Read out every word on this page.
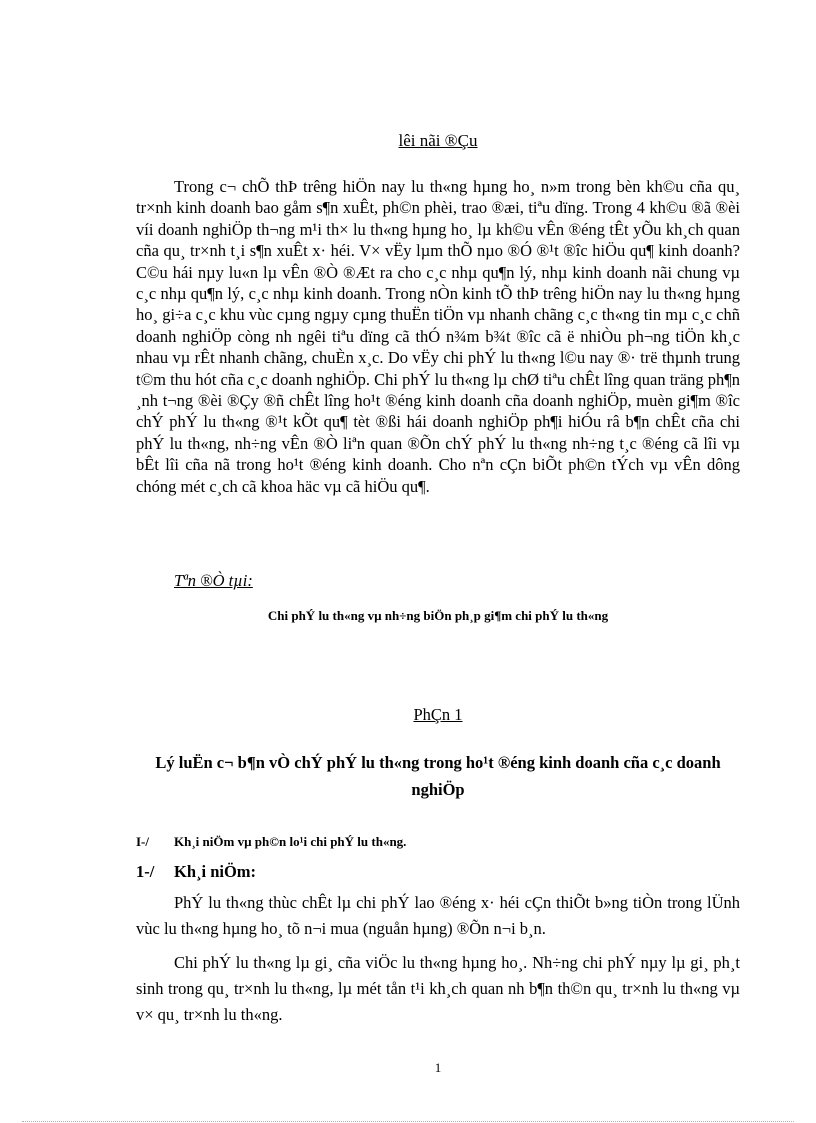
lêi nãi ®Çu

Trong c¬ chÕ thÞ trêng hiÖn nay lu th«ng hµng ho¸ n»m trong bèn kh©u cña qu¸ tr×nh kinh doanh bao gåm s¶n xuÊt, ph©n phèi, trao ®æi, tiªu dïng. Trong 4 kh©u ®ã ®èi víi doanh nghiÖp th¬ng m¹i th× lu th«ng hµng ho¸ lµ kh©u vÊn ®éng tÊt yÕu kh¸ch quan cña qu¸ tr×nh t¸i s¶n xuÊt x· héi. V× vËy lµm thÕ nµo ®Ó ®¹t ®îc hiÖu qu¶ kinh doanh? C©u hái nµy lu«n lµ vÊn ®Ò ®Æt ra cho c¸c nhµ qu¶n lý, nhµ kinh doanh nãi chung vµ c¸c nhµ qu¶n lý, c¸c nhµ kinh doanh. Trong nÒn kinh tÕ thÞ trêng hiÖn nay lu th«ng hµng ho¸ gi÷a c¸c khu vùc cµng ngµy cµng thuËn tiÖn vµ nhanh chãng c¸c th«ng tin mµ c¸c chñ doanh nghiÖp còng nh ngêi tiªu dïng cã thÓ n¾m b¾t ®îc cã ë nhiÒu ph¬ng tiÖn kh¸c nhau vµ rÊt nhanh chãng, chuÈn x¸c. Do vËy chi phÝ lu th«ng l©u nay ®· trë thµnh trung t©m thu hót cña c¸c doanh nghiÖp. Chi phÝ lu th«ng lµ chØ tiªu chÊt lîng quan träng ph¶n ¸nh t¬ng ®èi ®Çy ®ñ chÊt lîng ho¹t ®éng kinh doanh cña doanh nghiÖp, muèn gi¶m ®îc chÝ phÝ lu th«ng ®¹t kÕt qu¶ tèt ®ßi hái doanh nghiÖp ph¶i hiÓu râ b¶n chÊt cña chi phÝ lu th«ng, nh÷ng vÊn ®Ò liªn quan ®Õn chÝ phÝ lu th«ng nh÷ng t¸c ®éng cã lîi vµ bÊt lîi cña nã trong ho¹t ®éng kinh doanh. Cho nªn cÇn biÕt ph©n tÝch vµ vÊn dông chóng mét c¸ch cã khoa häc vµ cã hiÖu qu¶.

Tªn ®Ò tµi:
Chi phÝ lu th«ng vµ nh÷ng biÖn ph¸p gi¶m chi phÝ lu th«ng
PhÇn 1
Lý luËn c¬ b¶n vÒ chÝ phÝ lu th«ng trong ho¹t ®éng kinh doanh cña c¸c doanh nghiÖp
I-/	Kh¸i niÖm vµ ph©n lo¹i chi phÝ lu th«ng.
1-/	Kh¸i niÖm:

PhÝ lu th«ng thùc chÊt lµ chi phÝ lao ®éng x· héi cÇn thiÕt b»ng tiÒn trong lÜnh vùc lu th«ng hµng ho¸ tõ n¬i mua (nguån hµng) ®Õn n¬i b¸n.

Chi phÝ lu th«ng lµ gi¸ cña viÖc lu th«ng hµng ho¸. Nh÷ng chi phÝ nµy lµ gi¸ ph¸t sinh trong qu¸ tr×nh lu th«ng, lµ mét tån t¹i kh¸ch quan nh b¶n th©n qu¸ tr×nh lu th«ng vµ v× qu¸ tr×nh lu th«ng.

1
